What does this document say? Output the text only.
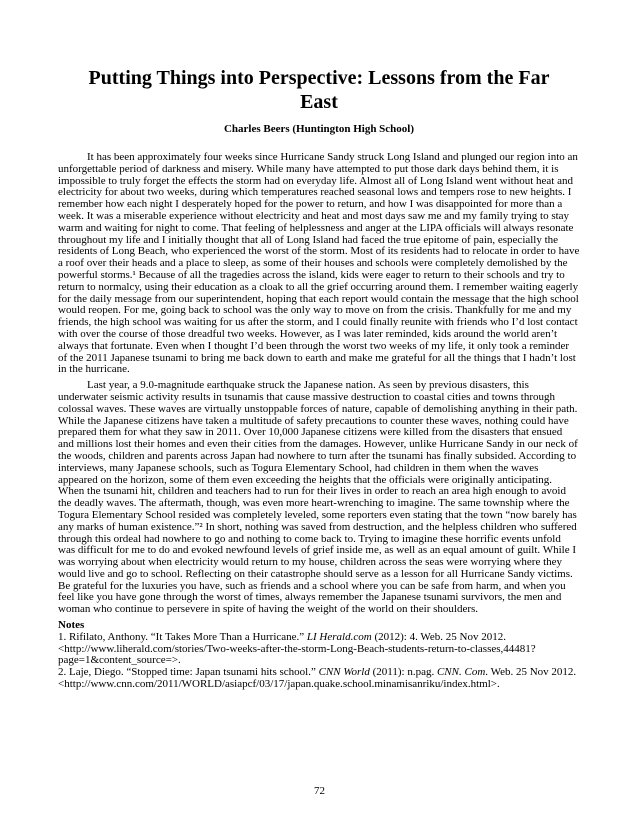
Putting Things into Perspective: Lessons from the Far East
Charles Beers (Huntington High School)

It has been approximately four weeks since Hurricane Sandy struck Long Island and plunged our region into an unforgettable period of darkness and misery. While many have attempted to put those dark days behind them, it is impossible to truly forget the effects the storm had on everyday life. Almost all of Long Island went without heat and electricity for about two weeks, during which temperatures reached seasonal lows and tempers rose to new heights. I remember how each night I desperately hoped for the power to return, and how I was disappointed for more than a week. It was a miserable experience without electricity and heat and most days saw me and my family trying to stay warm and waiting for night to come. That feeling of helplessness and anger at the LIPA officials will always resonate throughout my life and I initially thought that all of Long Island had faced the true epitome of pain, especially the residents of Long Beach, who experienced the worst of the storm. Most of its residents had to relocate in order to have a roof over their heads and a place to sleep, as some of their houses and schools were completely demolished by the powerful storms.¹ Because of all the tragedies across the island, kids were eager to return to their schools and try to return to normalcy, using their education as a cloak to all the grief occurring around them. I remember waiting eagerly for the daily message from our superintendent, hoping that each report would contain the message that the high school would reopen. For me, going back to school was the only way to move on from the crisis. Thankfully for me and my friends, the high school was waiting for us after the storm, and I could finally reunite with friends who I’d lost contact with over the course of those dreadful two weeks. However, as I was later reminded, kids around the world aren’t always that fortunate. Even when I thought I’d been through the worst two weeks of my life, it only took a reminder of the 2011 Japanese tsunami to bring me back down to earth and make me grateful for all the things that I hadn’t lost in the hurricane.

Last year, a 9.0-magnitude earthquake struck the Japanese nation. As seen by previous disasters, this underwater seismic activity results in tsunamis that cause massive destruction to coastal cities and towns through colossal waves. These waves are virtually unstoppable forces of nature, capable of demolishing anything in their path. While the Japanese citizens have taken a multitude of safety precautions to counter these waves, nothing could have prepared them for what they saw in 2011. Over 10,000 Japanese citizens were killed from the disasters that ensued and millions lost their homes and even their cities from the damages. However, unlike Hurricane Sandy in our neck of the woods, children and parents across Japan had nowhere to turn after the tsunami has finally subsided. According to interviews, many Japanese schools, such as Togura Elementary School, had children in them when the waves appeared on the horizon, some of them even exceeding the heights that the officials were originally anticipating. When the tsunami hit, children and teachers had to run for their lives in order to reach an area high enough to avoid the deadly waves. The aftermath, though, was even more heart-wrenching to imagine. The same township where the Togura Elementary School resided was completely leveled, some reporters even stating that the town “now barely has any marks of human existence.”² In short, nothing was saved from destruction, and the helpless children who suffered through this ordeal had nowhere to go and nothing to come back to. Trying to imagine these horrific events unfold was difficult for me to do and evoked newfound levels of grief inside me, as well as an equal amount of guilt. While I was worrying about when electricity would return to my house, children across the seas were worrying where they would live and go to school. Reflecting on their catastrophe should serve as a lesson for all Hurricane Sandy victims. Be grateful for the luxuries you have, such as friends and a school where you can be safe from harm, and when you feel like you have gone through the worst of times, always remember the Japanese tsunami survivors, the men and woman who continue to persevere in spite of having the weight of the world on their shoulders.

Notes

1. Rifilato, Anthony. “It Takes More Than a Hurricane.” LI Herald.com (2012): 4. Web. 25 Nov 2012. <http://www.liherald.com/stories/Two-weeks-after-the-storm-Long-Beach-students-return-to-classes,44481?page=1&content_source=>.

2. Laje, Diego. “Stopped time: Japan tsunami hits school.” CNN World (2011): n.pag. CNN. Com. Web. 25 Nov 2012. <http://www.cnn.com/2011/WORLD/asiapcf/03/17/japan.quake.school.minamisanriku/index.html>.

72
